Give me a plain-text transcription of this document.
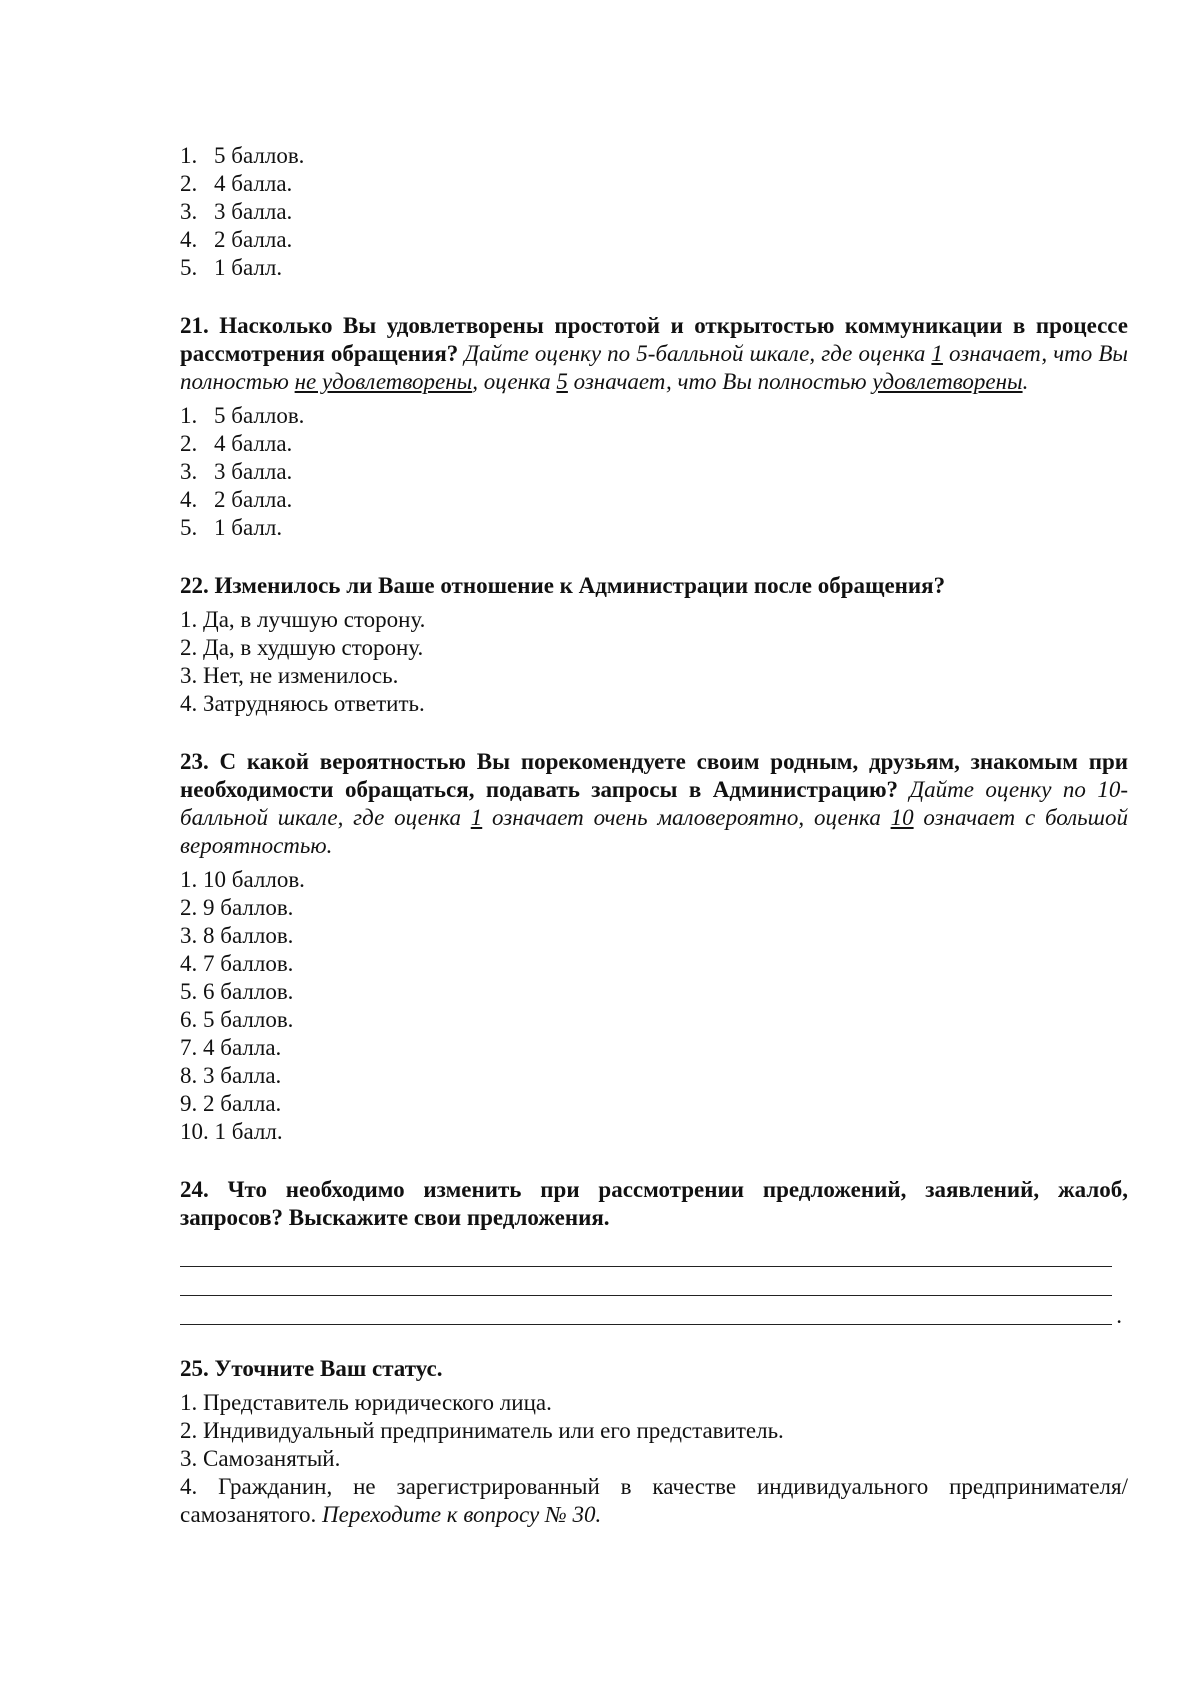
1. 5 баллов.
2. 4 балла.
3. 3 балла.
4. 2 балла.
5. 1 балл.

21. Насколько Вы удовлетворены простотой и открытостью коммуникации в процессе рассмотрения обращения? Дайте оценку по 5-балльной шкале, где оценка 1 означает, что Вы полностью не удовлетворены, оценка 5 означает, что Вы полностью удовлетворены.

1. 5 баллов.
2. 4 балла.
3. 3 балла.
4. 2 балла.
5. 1 балл.

22. Изменилось ли Ваше отношение к Администрации после обращения?

1. Да, в лучшую сторону.
2. Да, в худшую сторону.
3. Нет, не изменилось.
4. Затрудняюсь ответить.

23. С какой вероятностью Вы порекомендуете своим родным, друзьям, знакомым при необходимости обращаться, подавать запросы в Администрацию? Дайте оценку по 10-балльной шкале, где оценка 1 означает очень маловероятно, оценка 10 означает с большой вероятностью.

1. 10 баллов.
2. 9 баллов.
3. 8 баллов.
4. 7 баллов.
5. 6 баллов.
6. 5 баллов.
7. 4 балла.
8. 3 балла.
9. 2 балла.
10. 1 балл.

24. Что необходимо изменить при рассмотрении предложений, заявлений, жалоб, запросов? Выскажите свои предложения.

.

25. Уточните Ваш статус.

1. Представитель юридического лица.
2. Индивидуальный предприниматель или его представитель.
3. Самозанятый.

4. Гражданин, не зарегистрированный в качестве индивидуального предпринимателя/ самозанятого. Переходите к вопросу № 30.
